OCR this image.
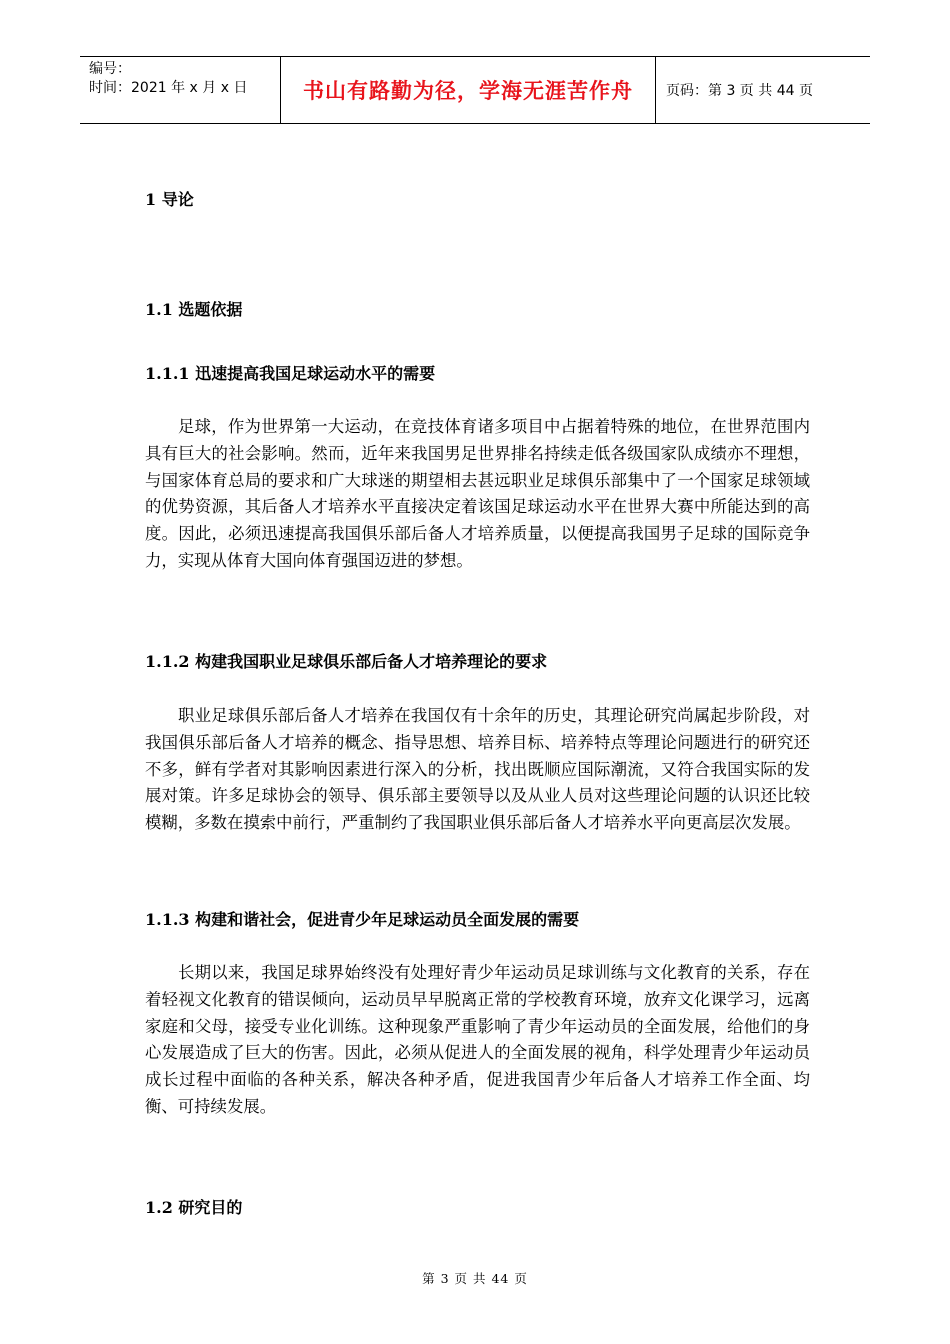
编号：
时间：2021 年 x 月 x 日	书山有路勤为径，学海无涯苦作舟	页码：第 3 页 共 44 页
1 导论
1.1 选题依据
1.1.1 迅速提高我国足球运动水平的需要

足球，作为世界第一大运动，在竞技体育诸多项目中占据着特殊的地位，在世界范围内具有巨大的社会影响。然而，近年来我国男足世界排名持续走低各级国家队成绩亦不理想，与国家体育总局的要求和广大球迷的期望相去甚远职业足球俱乐部集中了一个国家足球领域的优势资源，其后备人才培养水平直接决定着该国足球运动水平在世界大赛中所能达到的高度。因此，必须迅速提高我国俱乐部后备人才培养质量，以便提高我国男子足球的国际竞争力，实现从体育大国向体育强国迈进的梦想。

1.1.2 构建我国职业足球俱乐部后备人才培养理论的要求

职业足球俱乐部后备人才培养在我国仅有十余年的历史，其理论研究尚属起步阶段，对我国俱乐部后备人才培养的概念、指导思想、培养目标、培养特点等理论问题进行的研究还不多，鲜有学者对其影响因素进行深入的分析，找出既顺应国际潮流，又符合我国实际的发展对策。许多足球协会的领导、俱乐部主要领导以及从业人员对这些理论问题的认识还比较模糊，多数在摸索中前行，严重制约了我国职业俱乐部后备人才培养水平向更高层次发展。

1.1.3 构建和谐社会，促进青少年足球运动员全面发展的需要

长期以来，我国足球界始终没有处理好青少年运动员足球训练与文化教育的关系，存在着轻视文化教育的错误倾向，运动员早早脱离正常的学校教育环境，放弃文化课学习，远离家庭和父母，接受专业化训练。这种现象严重影响了青少年运动员的全面发展，给他们的身心发展造成了巨大的伤害。因此，必须从促进人的全面发展的视角，科学处理青少年运动员成长过程中面临的各种关系，解决各种矛盾，促进我国青少年后备人才培养工作全面、均衡、可持续发展。

1.2 研究目的
第 3 页 共 44 页
